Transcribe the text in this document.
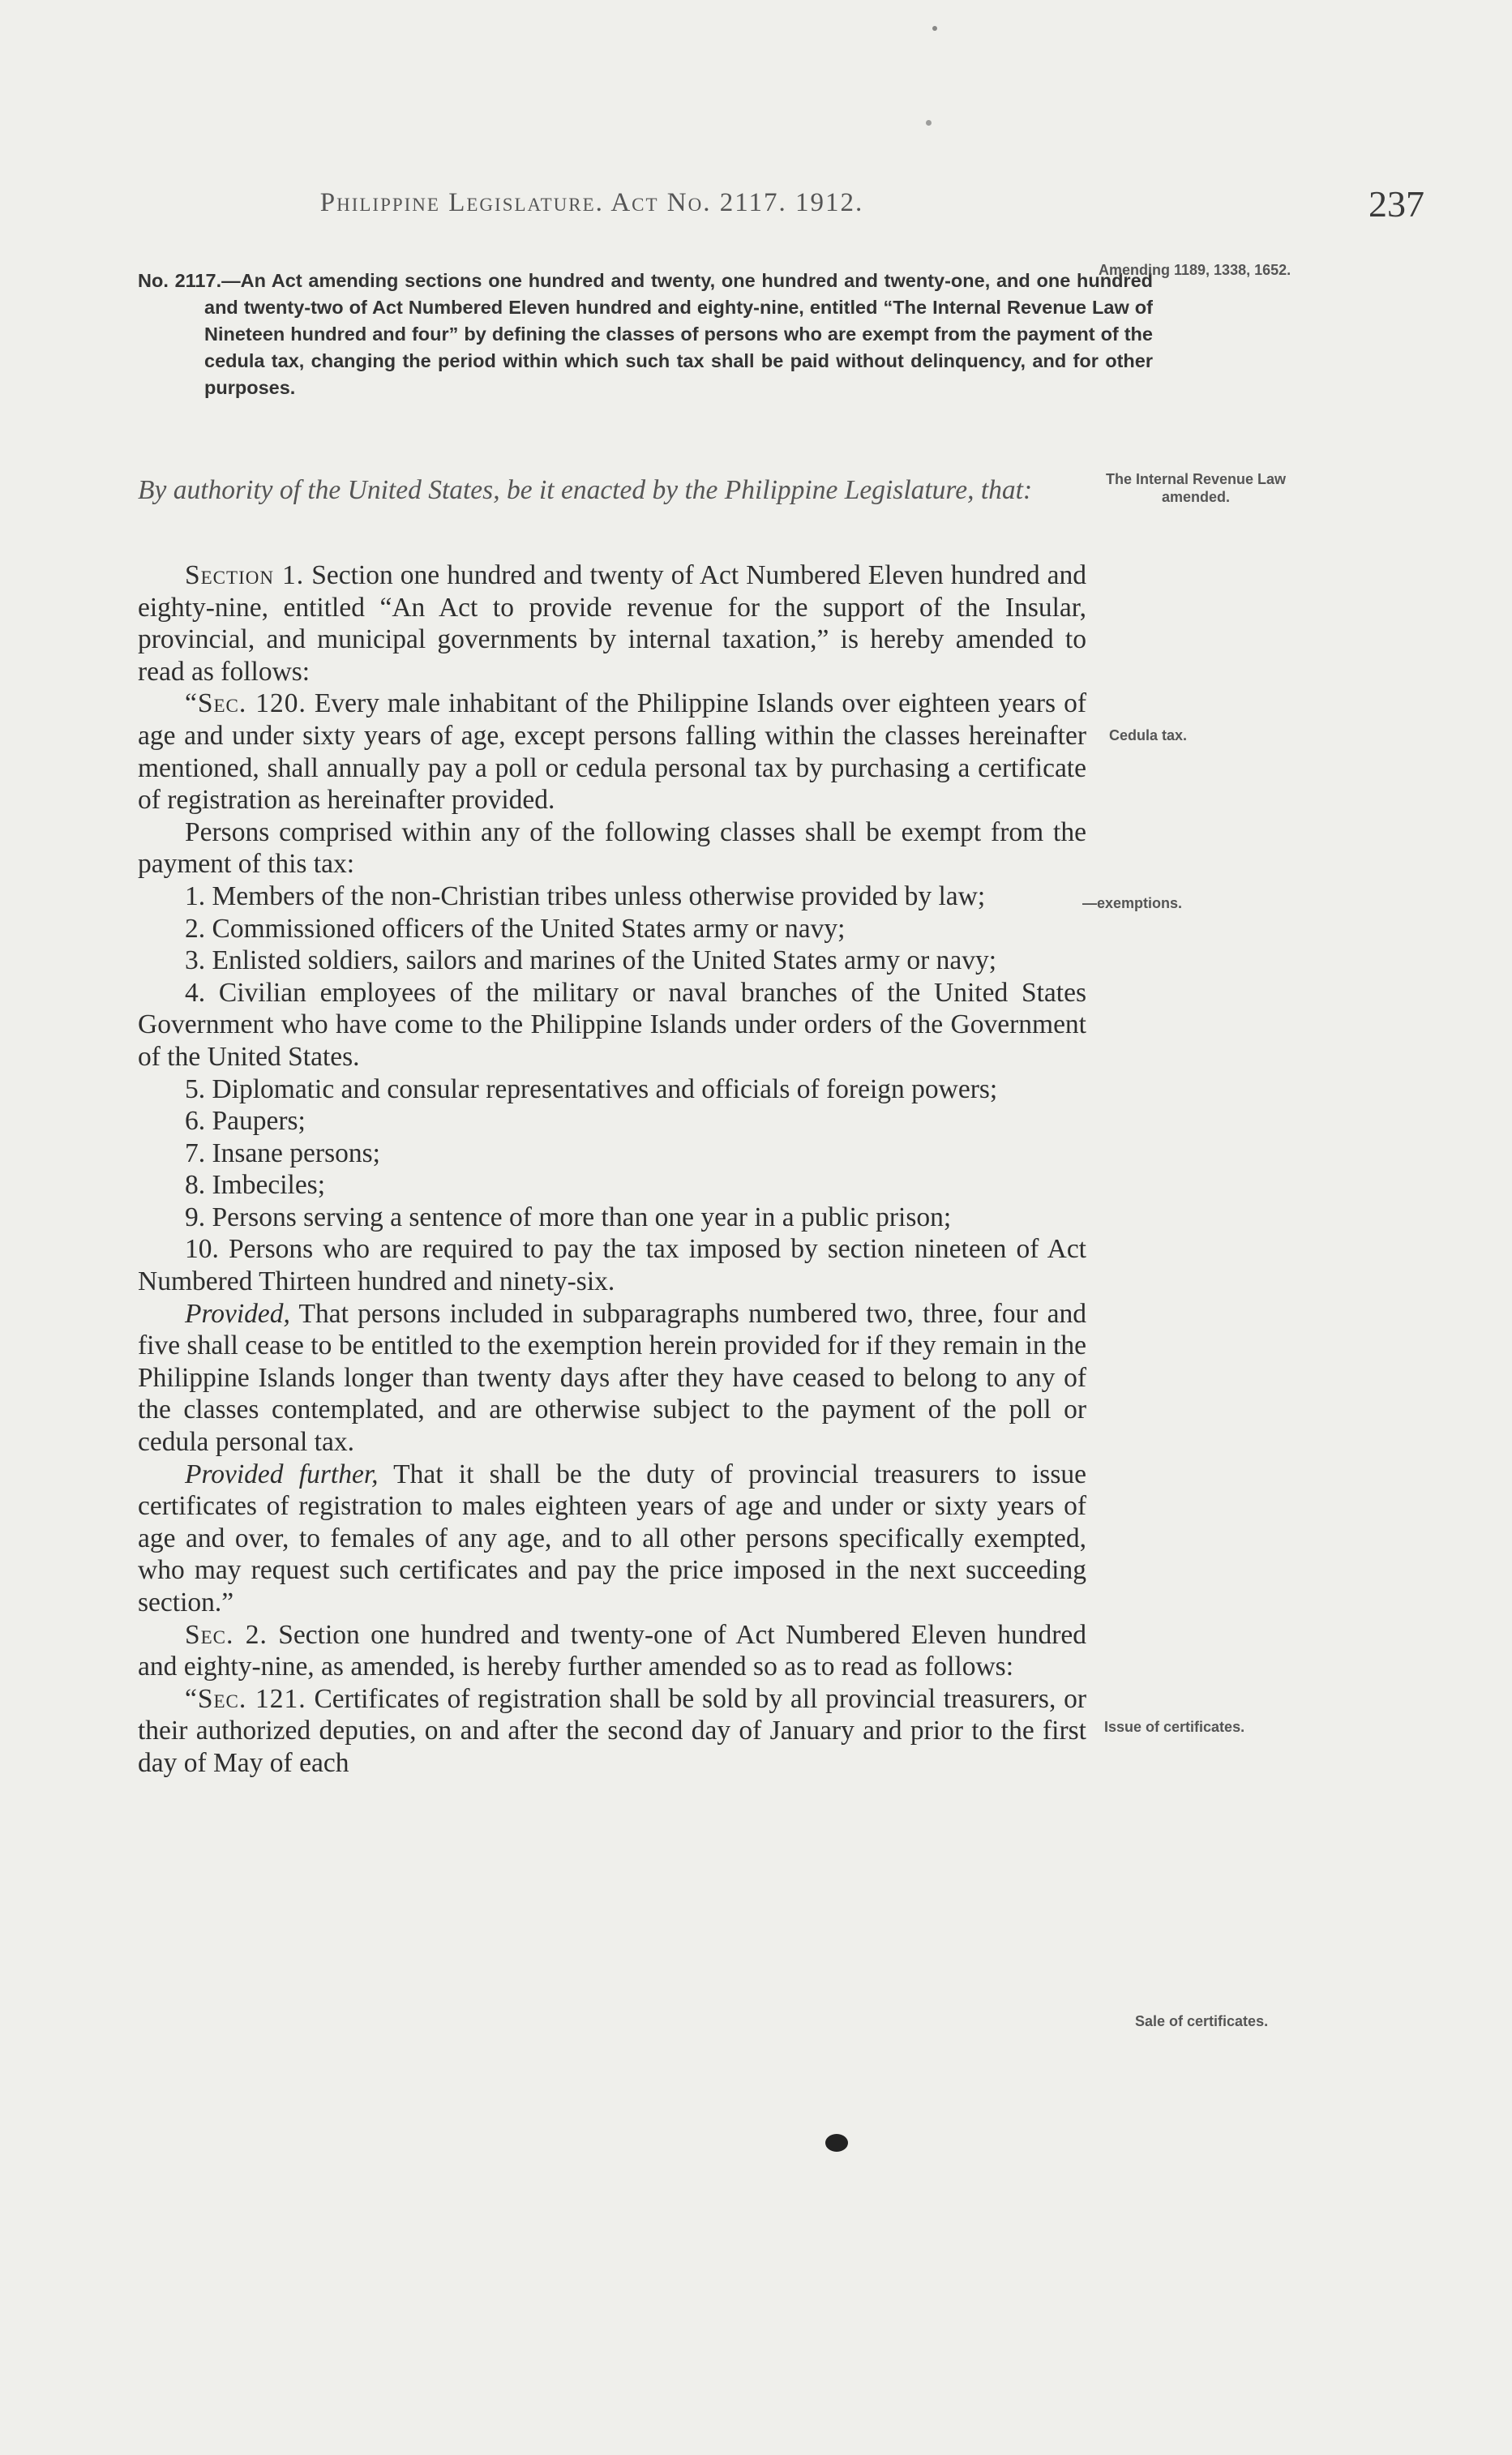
Philippine Legislature. Act No. 2117. 1912.	237
No. 2117.—An Act amending sections one hundred and twenty, one hundred and twenty-one, and one hundred and twenty-two of Act Numbered Eleven hundred and eighty-nine, entitled “The Internal Revenue Law of Nineteen hundred and four” by defining the classes of persons who are exempt from the payment of the cedula tax, changing the period within which such tax shall be paid without delinquency, and for other purposes.
By authority of the United States, be it enacted by the Philippine Legislature, that:

Section 1. Section one hundred and twenty of Act Numbered Eleven hundred and eighty-nine, entitled “An Act to provide revenue for the support of the Insular, provincial, and municipal governments by internal taxation,” is hereby amended to read as follows:

“Sec. 120. Every male inhabitant of the Philippine Islands over eighteen years of age and under sixty years of age, except persons falling within the classes hereinafter mentioned, shall annually pay a poll or cedula personal tax by purchasing a certificate of registration as hereinafter provided.

Persons comprised within any of the following classes shall be exempt from the payment of this tax:

1. Members of the non-Christian tribes unless otherwise provided by law;

2. Commissioned officers of the United States army or navy;

3. Enlisted soldiers, sailors and marines of the United States army or navy;

4. Civilian employees of the military or naval branches of the United States Government who have come to the Philippine Islands under orders of the Government of the United States.

5. Diplomatic and consular representatives and officials of foreign powers;

6. Paupers;

7. Insane persons;

8. Imbeciles;

9. Persons serving a sentence of more than one year in a public prison;

10. Persons who are required to pay the tax imposed by section nineteen of Act Numbered Thirteen hundred and ninety-six.

Provided, That persons included in subparagraphs numbered two, three, four and five shall cease to be entitled to the exemption herein provided for if they remain in the Philippine Islands longer than twenty days after they have ceased to belong to any of the classes contemplated, and are otherwise subject to the payment of the poll or cedula personal tax.

Provided further, That it shall be the duty of provincial treasurers to issue certificates of registration to males eighteen years of age and under or sixty years of age and over, to females of any age, and to all other persons specifically exempted, who may request such certificates and pay the price imposed in the next succeeding section.”

Sec. 2. Section one hundred and twenty-one of Act Numbered Eleven hundred and eighty-nine, as amended, is hereby further amended so as to read as follows:

“Sec. 121. Certificates of registration shall be sold by all provincial treasurers, or their authorized deputies, on and after the second day of January and prior to the first day of May of each

Amending 1189, 1338, 1652.
The Internal Revenue Law amended.
Cedula tax.
—exemptions.
Issue of certificates.
Sale of certificates.
